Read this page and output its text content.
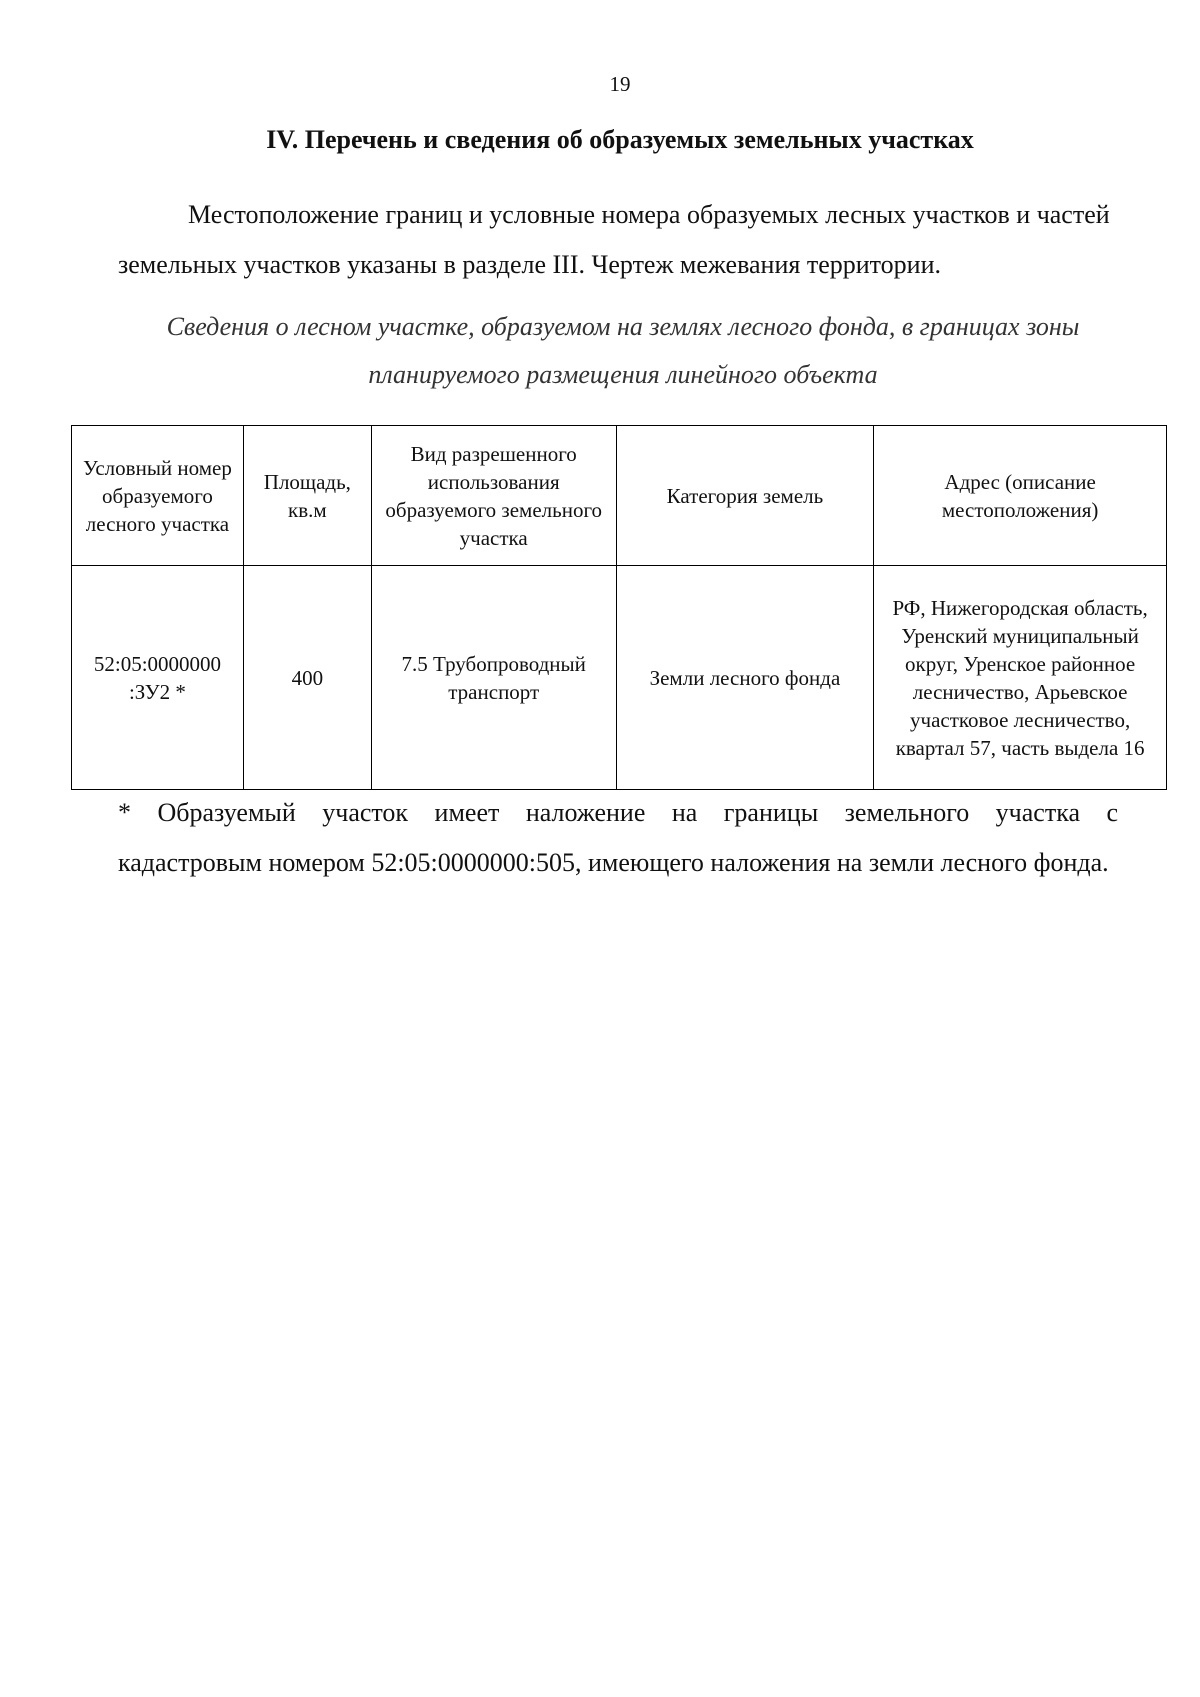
19
IV. Перечень и сведения об образуемых земельных участках
Местоположение границ и условные номера образуемых лесных участков и частей земельных участков указаны в разделе III. Чертеж межевания территории.
Сведения о лесном участке, образуемом на землях лесного фонда, в границах зоны планируемого размещения линейного объекта
Условный номер образуемого лесного участка	Площадь, кв.м	Вид разрешенного использования образуемого земельного участка	Категория земель	Адрес (описание местоположения)
52:05:0000000 :ЗУ2 *	400	7.5 Трубопроводный транспорт	Земли лесного фонда	РФ, Нижегородская область, Уренский муниципальный округ, Уренское районное лесничество, Арьевское участковое лесничество, квартал 57, часть выдела 16
* Образуемый участок имеет наложение на границы земельного участка с
кадастровым номером 52:05:0000000:505, имеющего наложения на земли лесного фонда.
